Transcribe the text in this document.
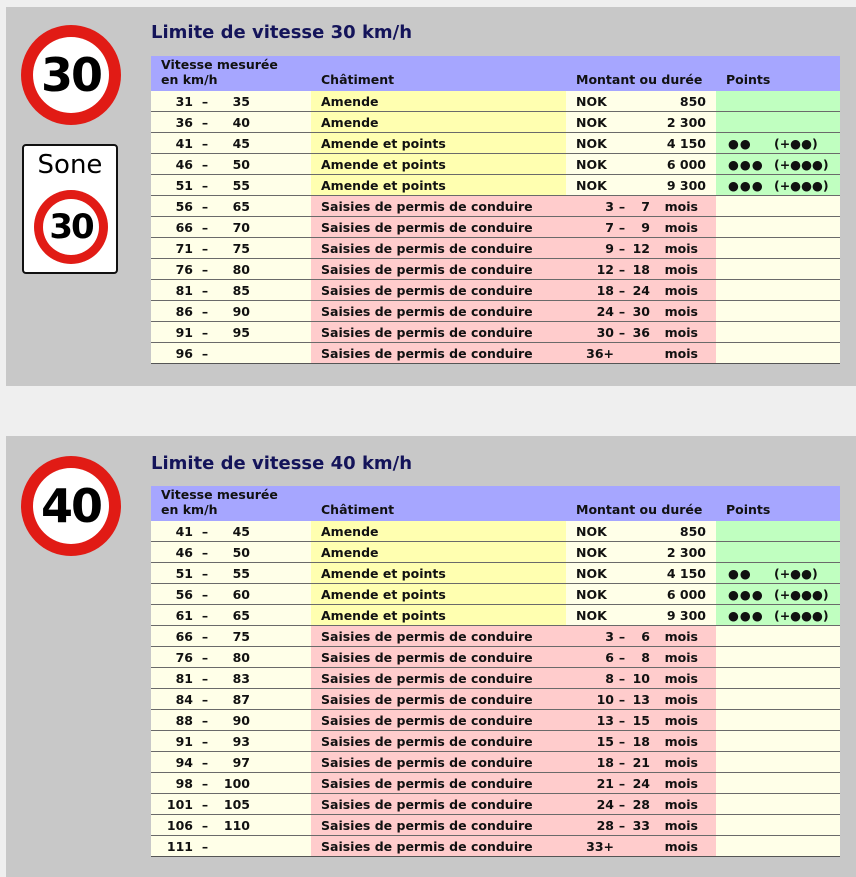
30
Sone
30
Limite de vitesse 30 km/h
Vitesse mesurée
en km/h	Châtiment	Montant ou durée	Points
31 – 35	Amende	NOK 850	
36 – 40	Amende	NOK 2 300	
41 – 45	Amende et points	NOK 4 150	●● (+●●)
46 – 50	Amende et points	NOK 6 000	●●● (+●●●)
51 – 55	Amende et points	NOK 9 300	●●● (+●●●)
56 – 65	Saisies de permis de conduire	3 – 7 mois	
66 – 70	Saisies de permis de conduire	7 – 9 mois	
71 – 75	Saisies de permis de conduire	9 – 12 mois	
76 – 80	Saisies de permis de conduire	12 – 18 mois	
81 – 85	Saisies de permis de conduire	18 – 24 mois	
86 – 90	Saisies de permis de conduire	24 – 30 mois	
91 – 95	Saisies de permis de conduire	30 – 36 mois	
96 –	Saisies de permis de conduire	36+ mois	
40
Limite de vitesse 40 km/h
Vitesse mesurée
en km/h	Châtiment	Montant ou durée	Points
41 – 45	Amende	NOK 850	
46 – 50	Amende	NOK 2 300	
51 – 55	Amende et points	NOK 4 150	●● (+●●)
56 – 60	Amende et points	NOK 6 000	●●● (+●●●)
61 – 65	Amende et points	NOK 9 300	●●● (+●●●)
66 – 75	Saisies de permis de conduire	3 – 6 mois	
76 – 80	Saisies de permis de conduire	6 – 8 mois	
81 – 83	Saisies de permis de conduire	8 – 10 mois	
84 – 87	Saisies de permis de conduire	10 – 13 mois	
88 – 90	Saisies de permis de conduire	13 – 15 mois	
91 – 93	Saisies de permis de conduire	15 – 18 mois	
94 – 97	Saisies de permis de conduire	18 – 21 mois	
98 – 100	Saisies de permis de conduire	21 – 24 mois	
101 – 105	Saisies de permis de conduire	24 – 28 mois	
106 – 110	Saisies de permis de conduire	28 – 33 mois	
111 –	Saisies de permis de conduire	33+ mois	
